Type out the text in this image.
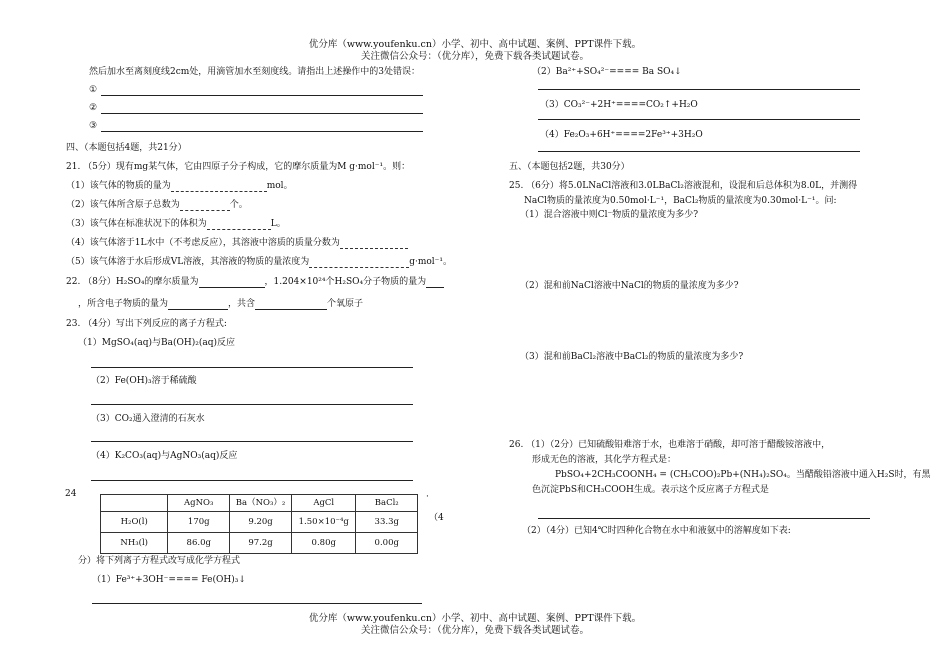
优分库（www.youfenku.cn）小学、初中、高中试题、案例、PPT课件下载。
关注微信公众号：（优分库），免费下载各类试题试卷。
然后加水至离刻度线2cm处，用滴管加水至刻度线。请指出上述操作中的3处错误：
①
②
③
四、（本题包括4题，共21分）
21. （5分）现有mg某气体，它由四原子分子构成，它的摩尔质量为M g·mol⁻¹。则：
（1）该气体的物质的量为	mol。
（2）该气体所含原子总数为	个。
（3）该气体在标准状况下的体积为	L。
（4）该气体溶于1L水中（不考虑反应），其溶液中溶质的质量分数为
（5）该气体溶于水后形成VL溶液，其溶液的物质的量浓度为	g·mol⁻¹。
22. （8分）H₂SO₄的摩尔质量为	，1.204×10²⁴个H₂SO₄分子物质的量为
，所含电子物质的量为	，共含	个氧原子
23. （4分）写出下列反应的离子方程式:
（1）MgSO₄(aq)与Ba(OH)₂(aq)反应
（2）Fe(OH)₃溶于稀硫酸
（3）CO₂通入澄清的石灰水
（4）K₂CO₃(aq)与AgNO₃(aq)反应
24	·
	AgNO₃	Ba（NO₃）₂	AgCl	BaCl₂
H₂O(l)	170g	9.20g	1.50×10⁻⁴g	33.3g
NH₃(l)	86.0g	97.2g	0.80g	0.00g
（4
分）将下列离子方程式改写成化学方程式
（1）Fe³⁺+3OH⁻==== Fe(OH)₃↓
（2）Ba²⁺+SO₄²⁻==== Ba SO₄↓
（3）CO₃²⁻+2H⁺====CO₂↑+H₂O
（4）Fe₂O₃+6H⁺====2Fe³⁺+3H₂O
五、（本题包括2题，共30分）
25. （6分）将5.0LNaCl溶液和3.0LBaCl₂溶液混和，设混和后总体积为8.0L，并测得
NaCl物质的量浓度为0.50mol·L⁻¹，BaCl₂物质的量浓度为0.30mol·L⁻¹。问:
（1）混合溶液中则Cl⁻物质的量浓度为多少?
（2）混和前NaCl溶液中NaCl的物质的量浓度为多少?
（3）混和前BaCl₂溶液中BaCl₂的物质的量浓度为多少?
26. （1）（2分）已知硫酸铅难溶于水，也难溶于硝酸，却可溶于醋酸铵溶液中，
形成无色的溶液，其化学方程式是：
PbSO₄+2CH₃COONH₄ = (CH₃COO)₂Pb+(NH₄)₂SO₄。当醋酸铅溶液中通入H₂S时，有黑
色沉淀PbS和CH₃COOH生成。表示这个反应离子方程式是
（2）（4分）已知4℃时四种化合物在水中和液氨中的溶解度如下表:
优分库（www.youfenku.cn）小学、初中、高中试题、案例、PPT课件下载。
关注微信公众号：（优分库），免费下载各类试题试卷。
